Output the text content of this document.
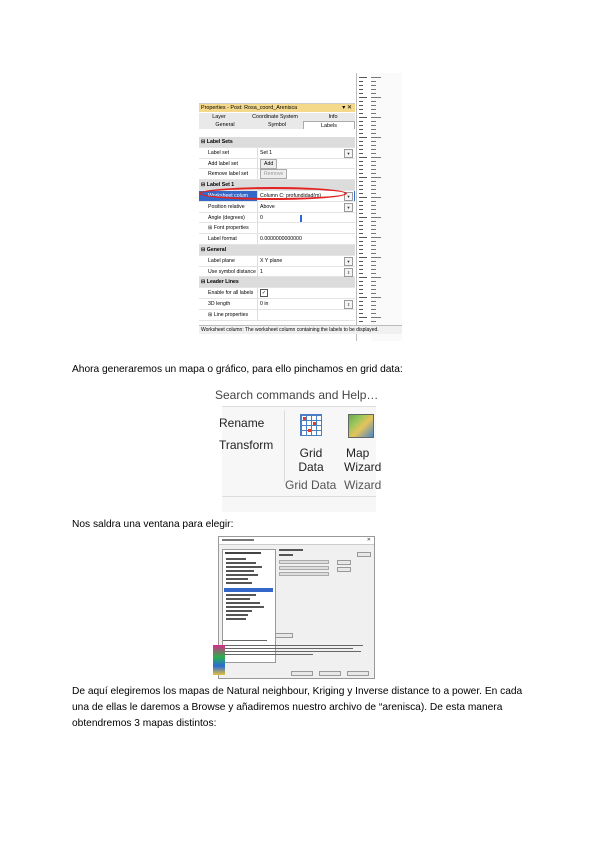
Properties - Post: Rosa_coord_Arenisca	▾ ✕
Layer	Coordinate System	Info
General	Symbol	Labels
⊟ Label Sets
Label set	Set 1	▼
Add label set	Add
Remove label set	Remove
⊟ Label Set 1
Worksheet colum	Column C: profundidad(m)	▼
Position relative	Above	▼
Angle (degrees)	0
⊞ Font properties
Label format	0.0000000000000
⊟ General
Label plane	X Y plane	▼
Use symbol distance 1	⇕
⊟ Leader Lines
Enable for all labels	✓
3D length	0 in	⇕
⊞ Line properties
Worksheet column: The worksheet column containing the labels to be displayed.
Ahora generaremos un mapa o gráfico, para ello pinchamos en grid data:
Search commands and Help…
Rename
Transform
Grid
Data
Map
Wizard
Grid Data Wizard
Nos saldra una ventana para elegir:
✕
De aquí elegiremos los mapas de Natural neighbour, Kriging y Inverse distance to a power. En cada una de ellas le daremos a Browse y añadiremos nuestro archivo de “arenisca). De esta manera obtendremos 3 mapas distintos:
